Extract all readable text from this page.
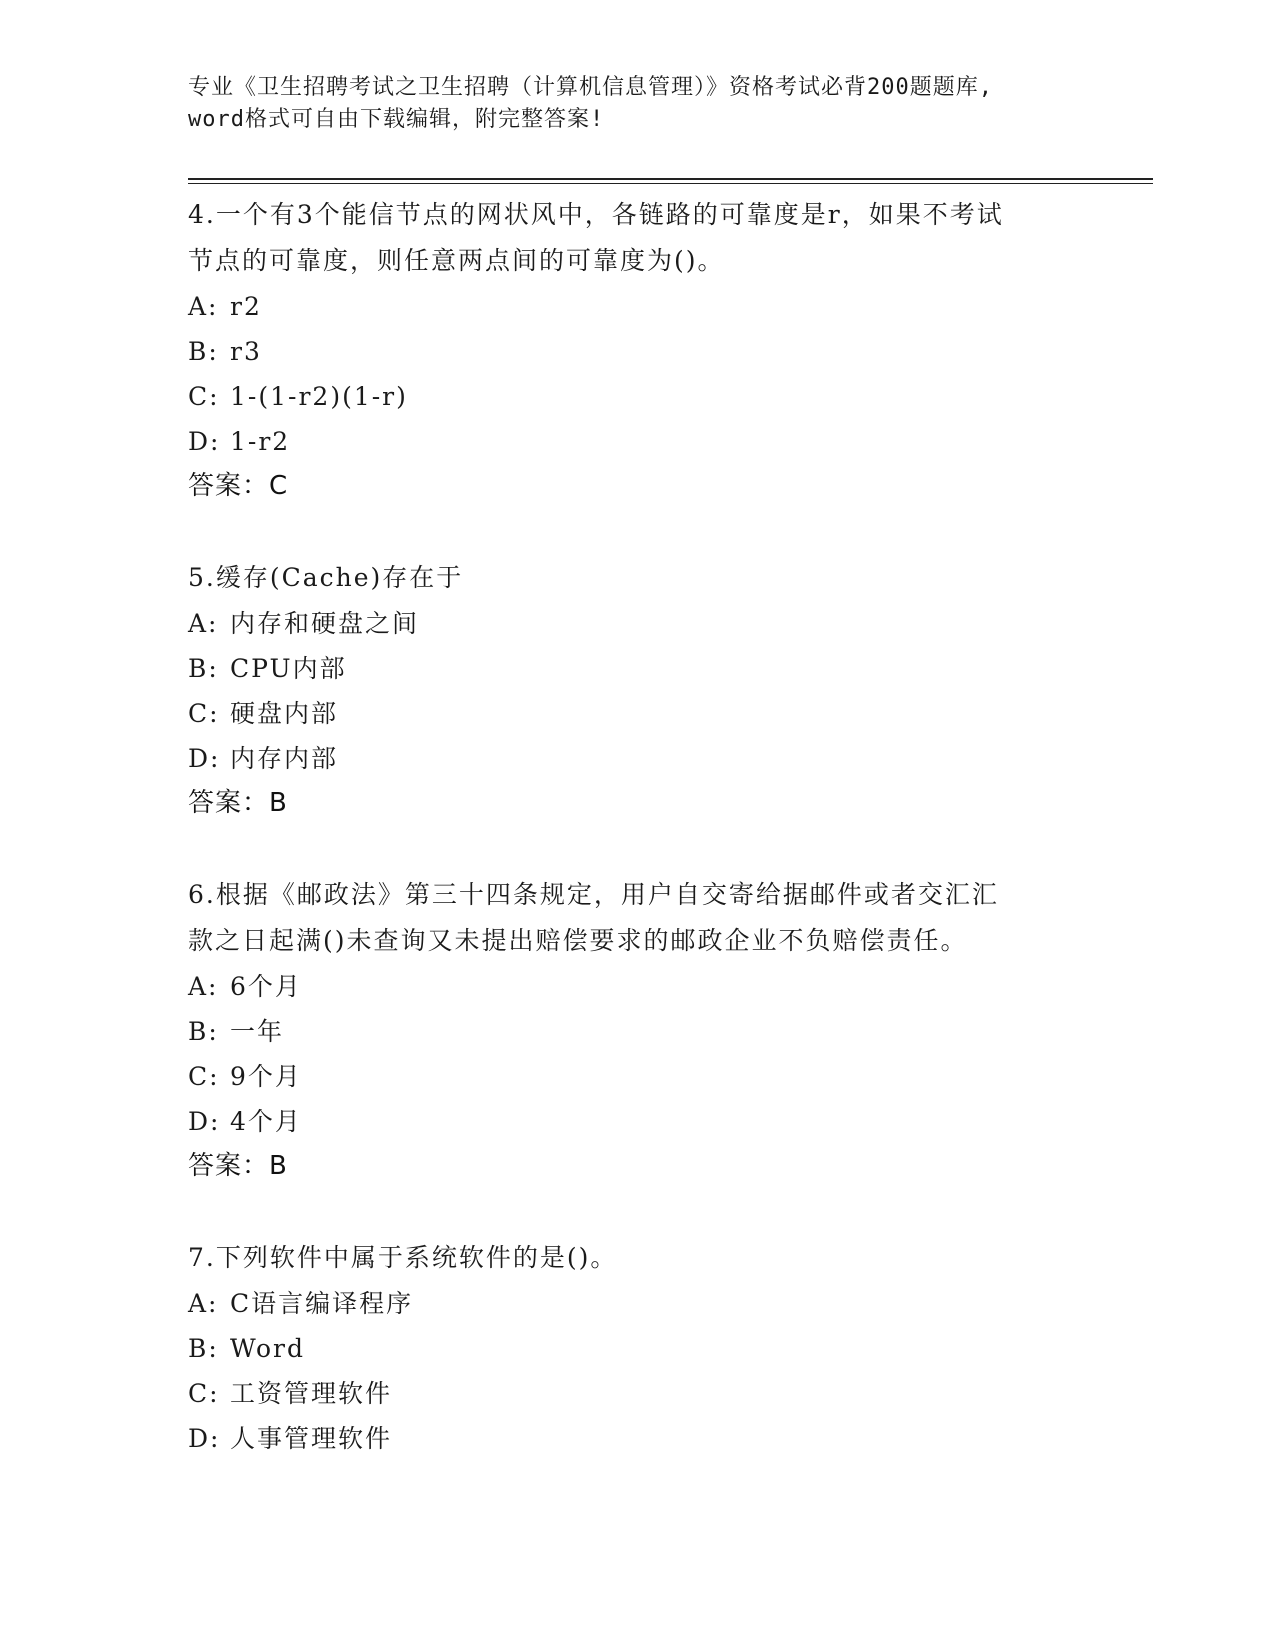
专业《卫生招聘考试之卫生招聘（计算机信息管理）》资格考试必背200题题库,
word格式可自由下载编辑，附完整答案!
4.一个有3个能信节点的网状风中，各链路的可靠度是r，如果不考试
节点的可靠度，则任意两点间的可靠度为()。
A: r2
B: r3
C: 1-(1-r2)(1-r)
D: 1-r2
答案：C
5.缓存(Cache)存在于
A: 内存和硬盘之间
B: CPU内部
C: 硬盘内部
D: 内存内部
答案：B
6.根据《邮政法》第三十四条规定，用户自交寄给据邮件或者交汇汇
款之日起满()未查询又未提出赔偿要求的邮政企业不负赔偿责任。
A: 6个月
B: 一年
C: 9个月
D: 4个月
答案：B
7.下列软件中属于系统软件的是()。
A: C语言编译程序
B: Word
C: 工资管理软件
D: 人事管理软件
